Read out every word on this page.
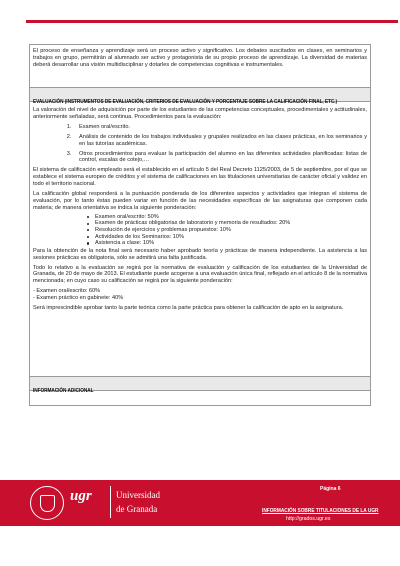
El proceso de enseñanza y aprendizaje será un proceso activo y significativo. Los debates suscitados en clases, en seminarios y trabajos en grupo, permitirán al alumnado ser activo y protagonista de su propio proceso de aprendizaje. La diversidad de materias deberá desarrollar una visión multidisciplinar y dotarles de competencias cognitivas e instrumentales.

EVALUACIÓN (INSTRUMENTOS DE EVALUACIÓN, CRITERIOS DE EVALUACIÓN Y PORCENTAJE SOBRE LA CALIFICACIÓN FINAL, ETC.)

La valoración del nivel de adquisición por parte de los estudiantes de las competencias conceptuales, procedimentales y actitudinales, anteriormente señaladas, será continua. Procedimientos para la evaluación:

1. Examen oral/escrito.
2. Análisis de contenido de los trabajos individuales y grupales realizados en las clases prácticas, en los seminarios y en las tutorías académicas.
3. Otros procedimientos para evaluar la participación del alumno en las diferentes actividades planificadas: listas de control, escalas de cotejo,…

El sistema de calificación empleado será el establecido en el artículo 5 del Real Decreto 1125/2003, de 5 de septiembre, por el que se establece el sistema europeo de créditos y el sistema de calificaciones en las titulaciones universitarias de carácter oficial y validez en todo el territorio nacional.

La calificación global responderá a la puntuación ponderada de los diferentes aspectos y actividades que integran el sistema de evaluación, por lo tanto éstas pueden variar en función de las necesidades específicas de las asignaturas que componen cada materia; de manera orientativa se indica la siguiente ponderación:

Examen oral/escrito: 50%
Examen de prácticas obligatorias de laboratorio y memoria de resultados: 20%
Resolución de ejercicios y problemas propuestos: 10%
Actividades de los Seminarios: 10%
Asistencia a clase: 10%

Para la obtención de la nota final será necesario haber aprobado teoría y prácticas de manera independiente. La asistencia a las sesiones prácticas es obligatoria, sólo se admitirá una falta justificada.

Todo lo relativo a la evaluación se regirá por la normativa de evaluación y calificación de los estudiantes de la Universidad de Granada, de 20 de mayo de 2013. El estudiante puede acogerse a una evaluación única final, reflejado en el artículo 8 de la normativa mencionada; en cuyo caso su calificación se regirá por la siguiente ponderación:

- Examen oral/escrito: 60%
- Examen práctico en gabinete: 40%

Será imprescindible aprobar tanto la parte teórica como la parte práctica para obtener la calificación de apto en la asignatura.

INFORMACIÓN ADICIONAL
ugr	Universidad
de Granada
Página 6
INFORMACIÓN SOBRE TITULACIONES DE LA UGR
http://grados.ugr.es
